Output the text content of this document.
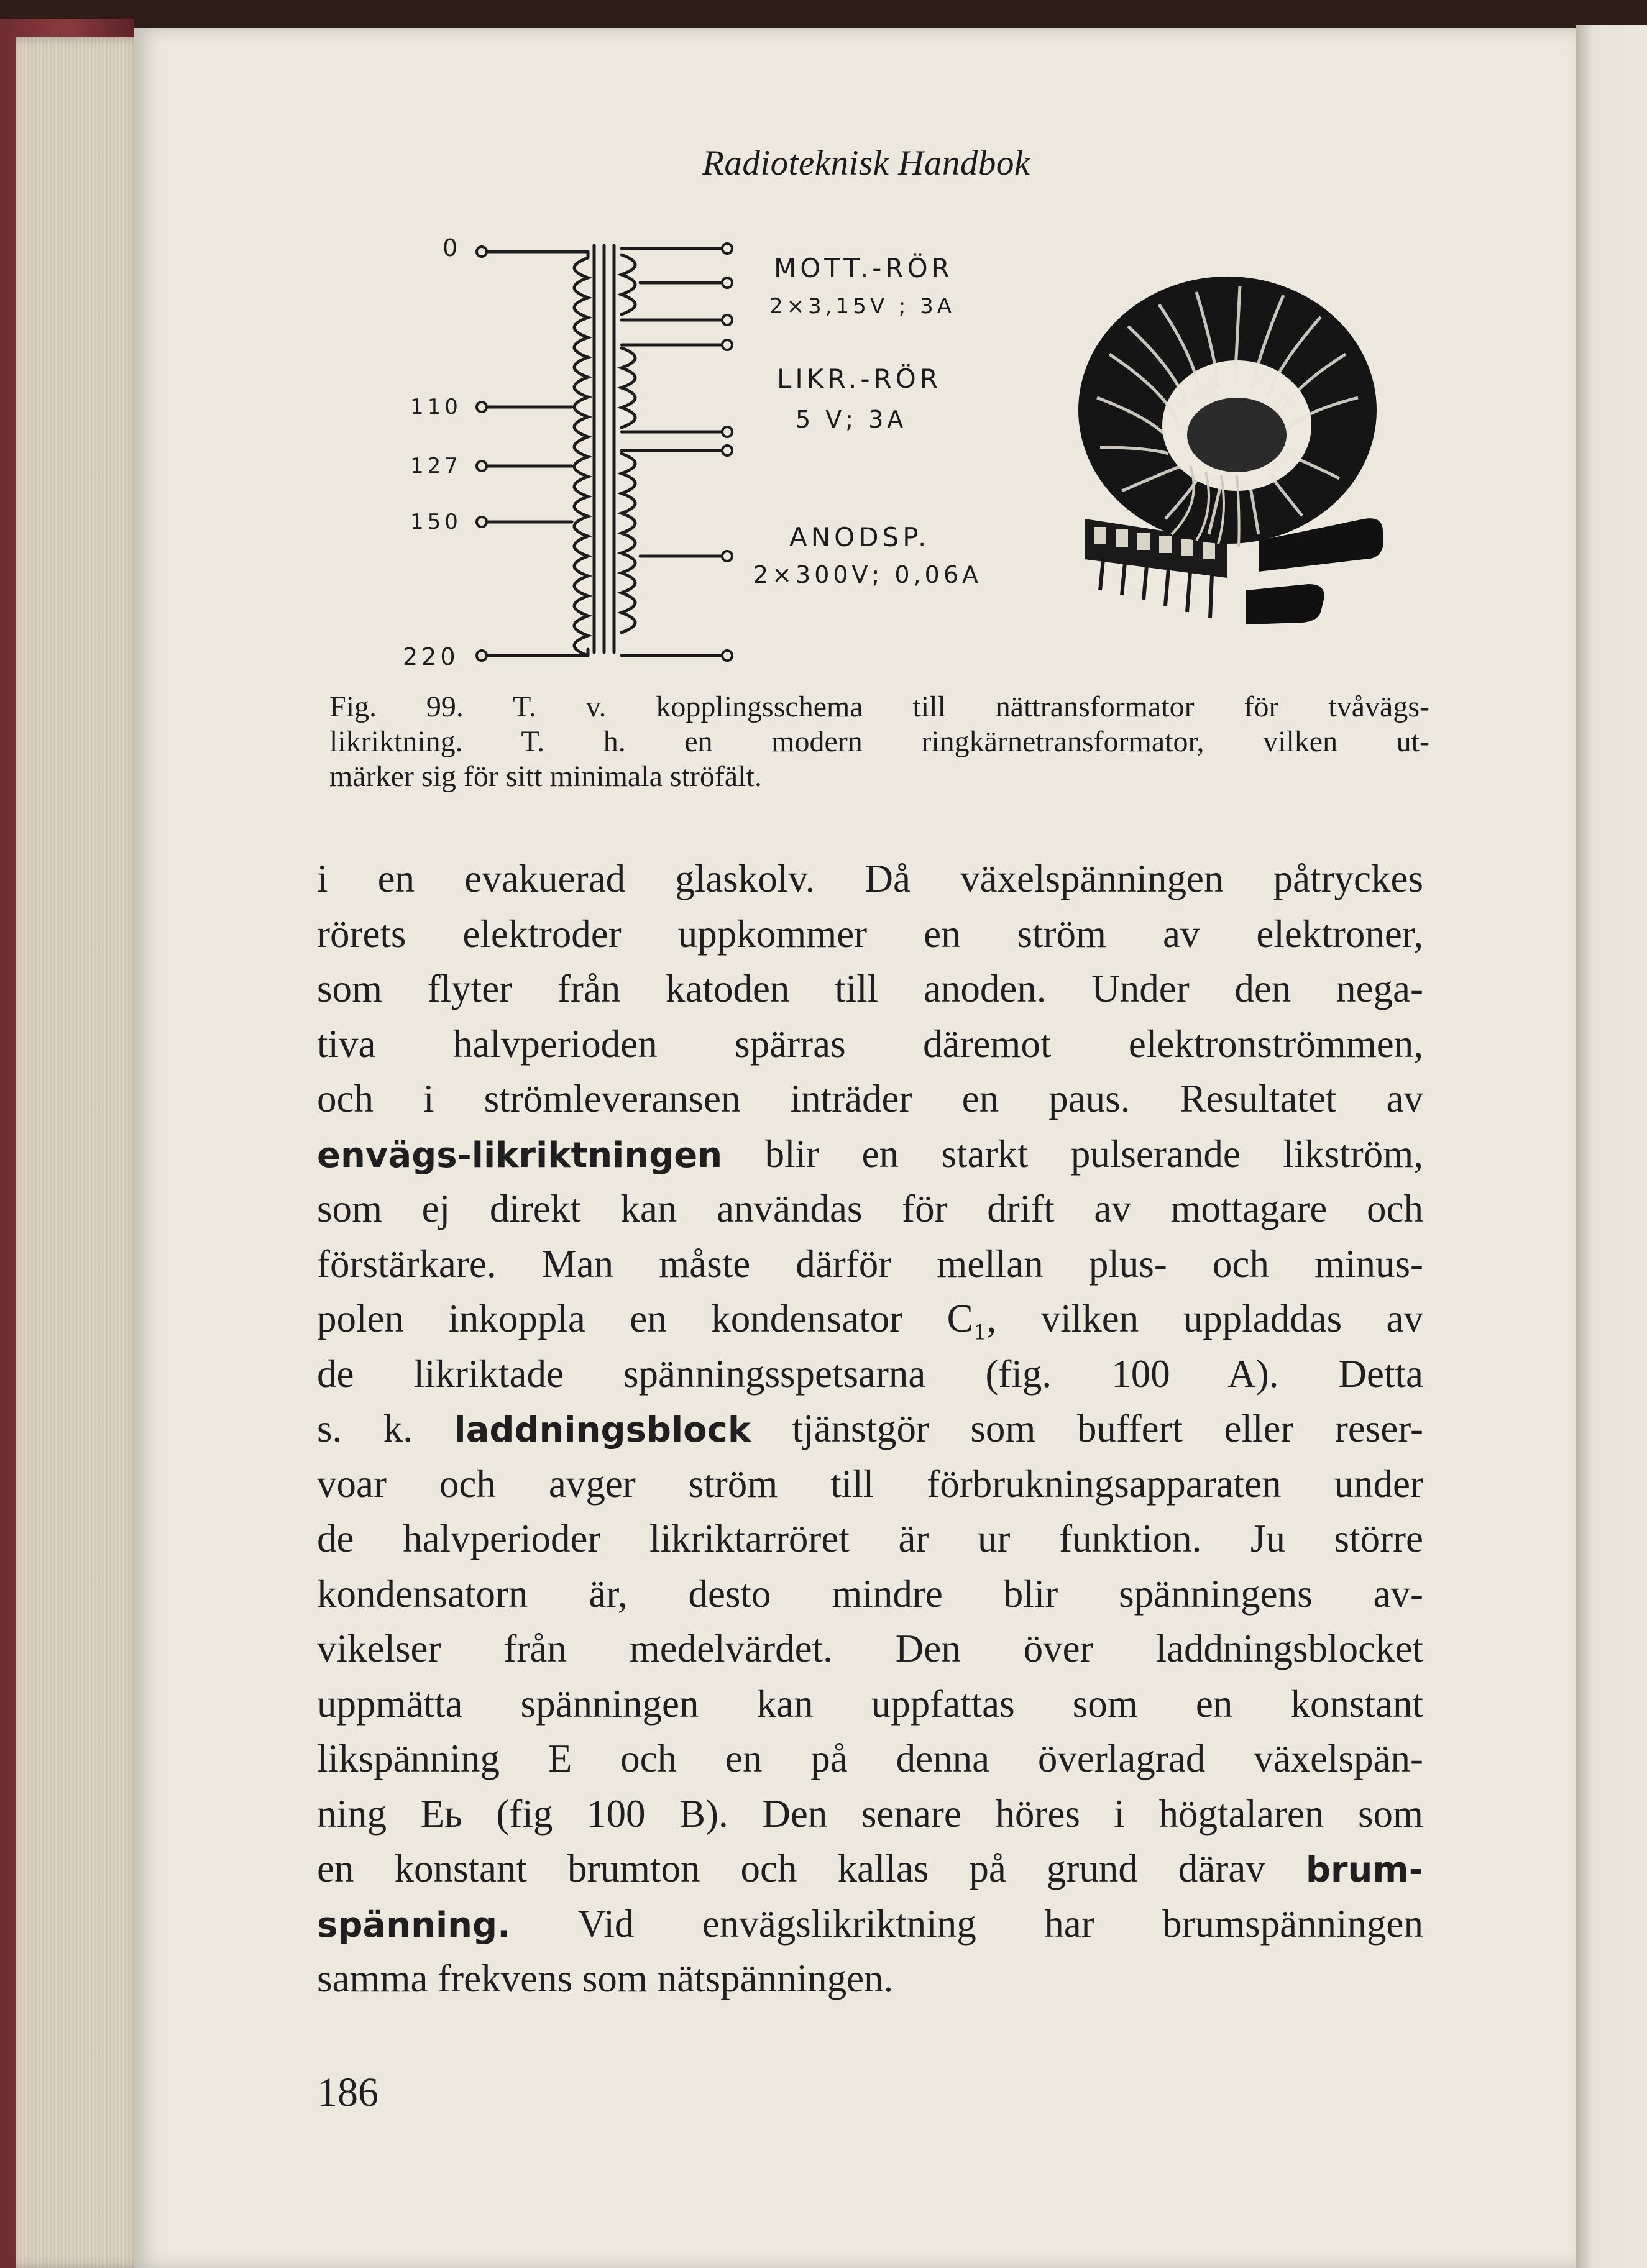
Radioteknisk Handbok
0
110
127
150
220
MOTT.-RÖR
2×3,15V ; 3A
LIKR.-RÖR
5 V; 3A
ANODSP.
2×300V; 0,06A
Fig. 99. T. v. kopplingsschema till nättransformator för tvåvägs-
likriktning. T. h. en modern ringkärnetransformator, vilken ut-
märker sig för sitt minimala ströfält.
i en evakuerad glaskolv. Då växelspänningen påtryckes
rörets elektroder uppkommer en ström av elektroner,
som flyter från katoden till anoden. Under den nega-
tiva halvperioden spärras däremot elektronströmmen,
och i strömleveransen inträder en paus. Resultatet av
envägs-likriktningen blir en starkt pulserande likström,
som ej direkt kan användas för drift av mottagare och
förstärkare. Man måste därför mellan plus- och minus-
polen inkoppla en kondensator C₁, vilken uppladdas av
de likriktade spänningsspetsarna (fig. 100 A). Detta
s. k. laddningsblock tjänstgör som buffert eller reser-
voar och avger ström till förbrukningsapparaten under
de halvperioder likriktarröret är ur funktion. Ju större
kondensatorn är, desto mindre blir spänningens av-
vikelser från medelvärdet. Den över laddningsblocket
uppmätta spänningen kan uppfattas som en konstant
likspänning E och en på denna överlagrad växelspän-
ning Eь (fig 100 B). Den senare höres i högtalaren som
en konstant brumton och kallas på grund därav brum-
spänning. Vid envägslikriktning har brumspänningen
samma frekvens som nätspänningen.
186
